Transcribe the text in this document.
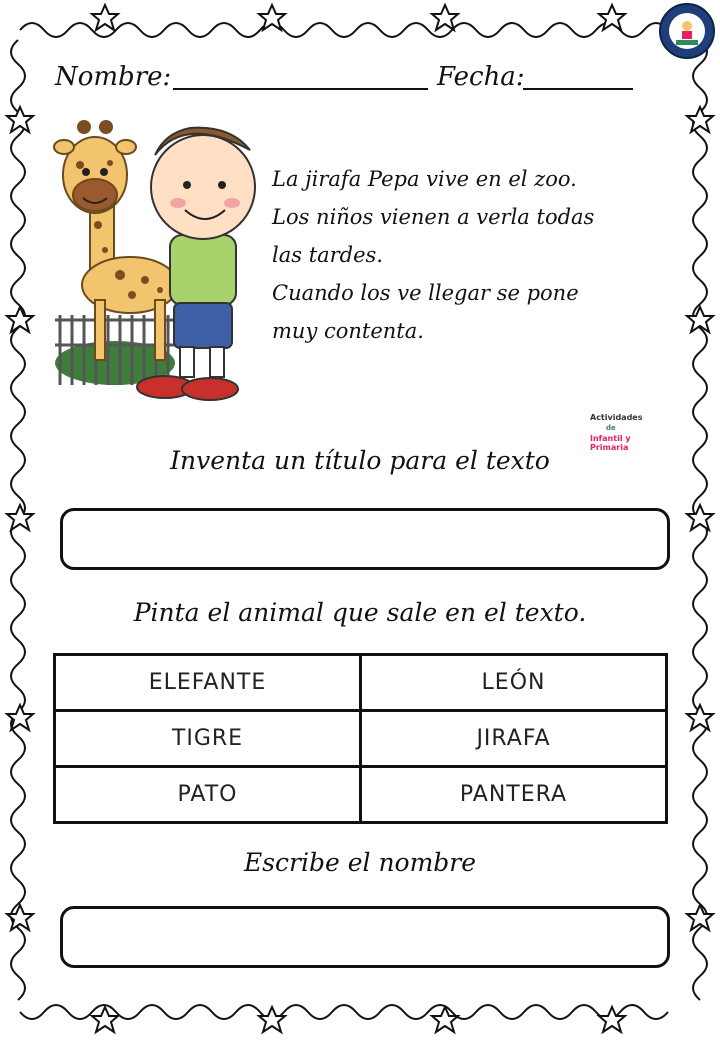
Nombre:	Fecha:
La jirafa Pepa vive en el zoo.
Los niños vienen a verla todas
las tardes.
Cuando los ve llegar se pone
muy contenta.
Actividades
de
Infantil y Primaria
Inventa un título para el texto
Pinta el animal que sale en el texto.
ELEFANTE	LEÓN
TIGRE	JIRAFA
PATO	PANTERA
Escribe el nombre
